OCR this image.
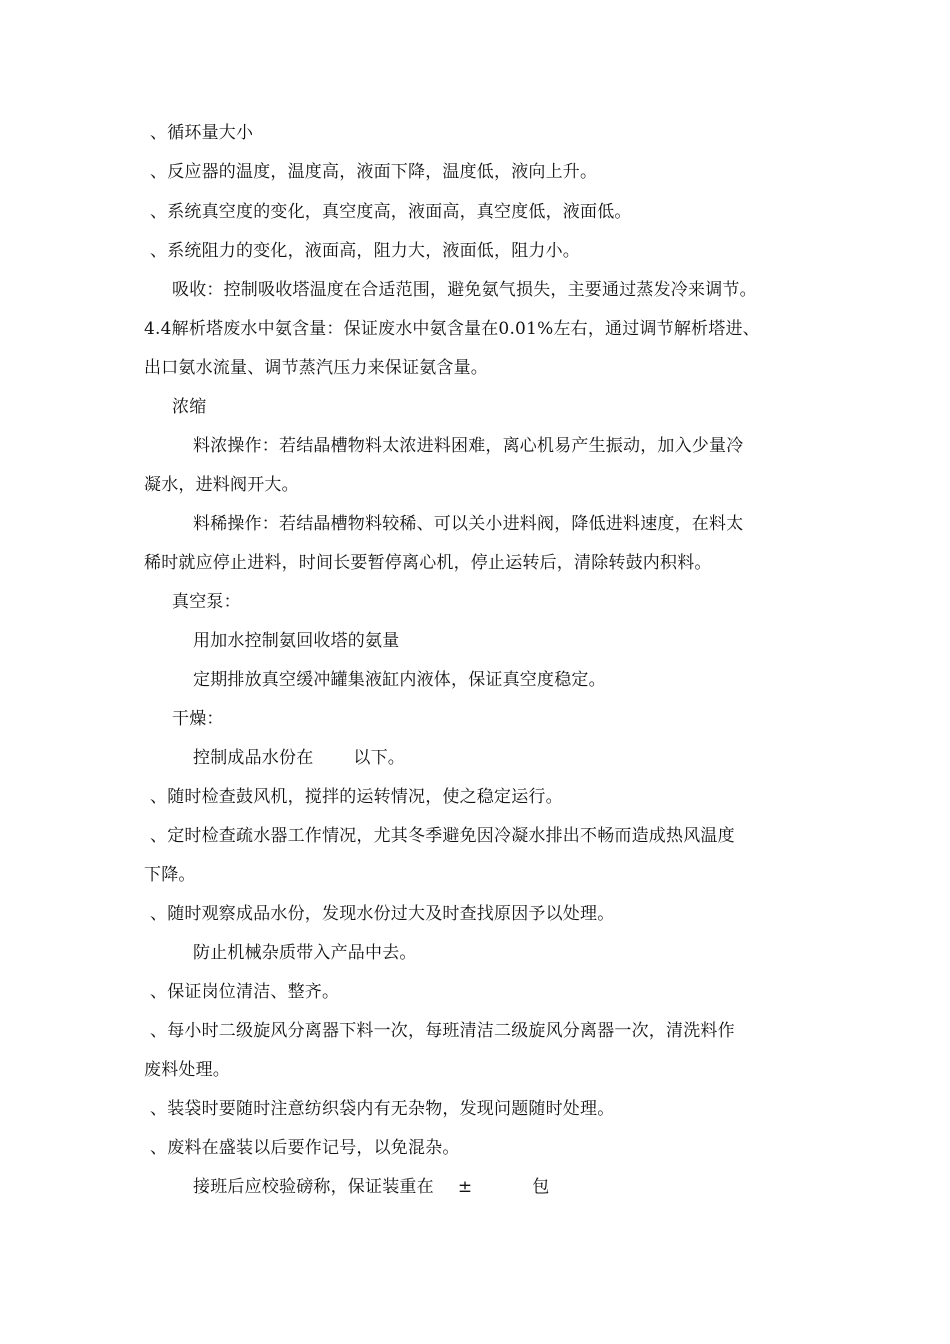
、循环量大小
、反应器的温度，温度高，液面下降，温度低，液向上升。
、系统真空度的变化，真空度高，液面高，真空度低，液面低。
、系统阻力的变化，液面高，阻力大，液面低，阻力小。
吸收：控制吸收塔温度在合适范围，避免氨气损失，主要通过蒸发冷来调节。
4.4解析塔废水中氨含量：保证废水中氨含量在0.01%左右，通过调节解析塔进、
出口氨水流量、调节蒸汽压力来保证氨含量。
浓缩
料浓操作：若结晶槽物料太浓进料困难，离心机易产生振动，加入少量冷
凝水，进料阀开大。
料稀操作：若结晶槽物料较稀、可以关小进料阀，降低进料速度，在料太
稀时就应停止进料，时间长要暂停离心机，停止运转后，清除转鼓内积料。
真空泵：
用加水控制氨回收塔的氨量
定期排放真空缓冲罐集液缸内液体，保证真空度稳定。
干燥：
控制成品水份在 以下。
、随时检查鼓风机，搅拌的运转情况，使之稳定运行。
、定时检查疏水器工作情况，尤其冬季避免因冷凝水排出不畅而造成热风温度
下降。
、随时观察成品水份，发现水份过大及时查找原因予以处理。
防止机械杂质带入产品中去。
、保证岗位清洁、整齐。
、每小时二级旋风分离器下料一次，每班清洁二级旋风分离器一次，清洗料作
废料处理。
、装袋时要随时注意纺织袋内有无杂物，发现问题随时处理。
、废料在盛装以后要作记号，以免混杂。
接班后应校验磅称，保证装重在 ±	包
